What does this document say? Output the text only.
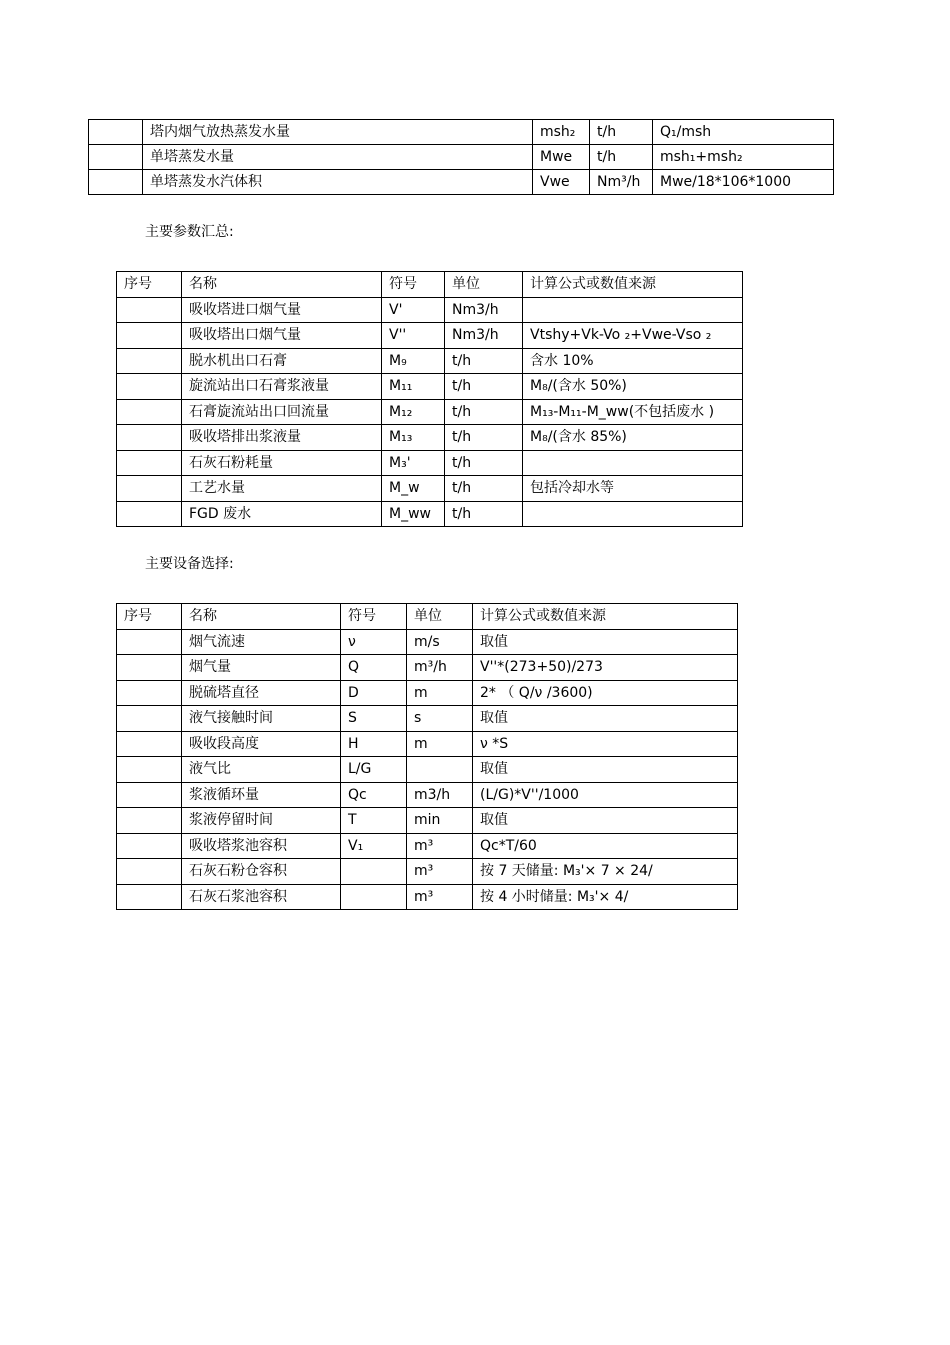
	塔内烟气放热蒸发水量	msh₂	t/h	Q₁/msh
	单塔蒸发水量	Mwe	t/h	msh₁+msh₂
	单塔蒸发水汽体积	Vwe	Nm³/h	Mwe/18*106*1000
主要参数汇总:
序号	名称	符号	单位	计算公式或数值来源
	吸收塔进口烟气量	V'	Nm3/h	
	吸收塔出口烟气量	V''	Nm3/h	Vtshy+Vk-Vo ₂+Vwe-Vso ₂
	脱水机出口石膏	M₉	t/h	含水 10%
	旋流站出口石膏浆液量	M₁₁	t/h	M₈/(含水 50%)
	石膏旋流站出口回流量	M₁₂	t/h	M₁₃-M₁₁-M_ww(不包括废水 )
	吸收塔排出浆液量	M₁₃	t/h	M₈/(含水 85%)
	石灰石粉耗量	M₃'	t/h	
	工艺水量	M_w	t/h	包括冷却水等
	FGD 废水	M_ww	t/h	
主要设备选择:
序号	名称	符号	单位	计算公式或数值来源
	烟气流速	ν	m/s	取值
	烟气量	Q	m³/h	V''*(273+50)/273
	脱硫塔直径	D	m	2* （ Q/ν /3600)
	液气接触时间	S	s	取值
	吸收段高度	H	m	ν *S
	液气比	L/G		取值
	浆液循环量	Qc	m3/h	(L/G)*V''/1000
	浆液停留时间	T	min	取值
	吸收塔浆池容积	V₁	m³	Qc*T/60
	石灰石粉仓容积		m³	按 7 天储量: M₃'× 7 × 24/
	石灰石浆池容积		m³	按 4 小时储量: M₃'× 4/
